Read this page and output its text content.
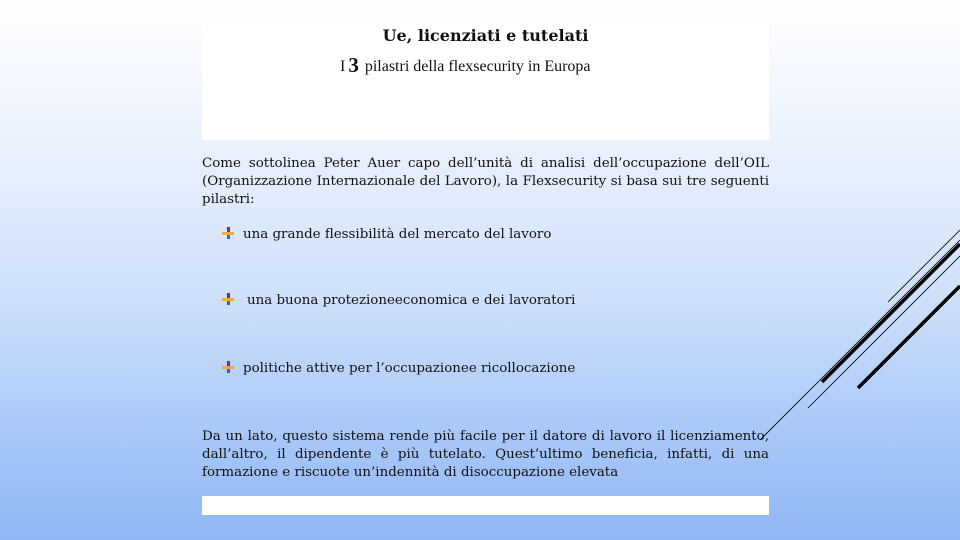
Ue, licenziati e tutelati
I 3 pilastri della flexsecurity in Europa
Come sottolinea Peter Auer capo dell’unità di analisi dell’occupazione dell’OIL (Organizzazione Internazionale del Lavoro), la Flexsecurity si basa sui tre seguenti pilastri:
una grande flessibilità del mercato del lavoro
una buona protezioneeconomica e dei lavoratori
politiche attive per l’occupazionee ricollocazione
Da un lato, questo sistema rende più facile per il datore di lavoro il licenziamento, dall’altro, il dipendente è più tutelato. Quest’ultimo beneficia, infatti, di una formazione e riscuote un’indennità di disoccupazione elevata
